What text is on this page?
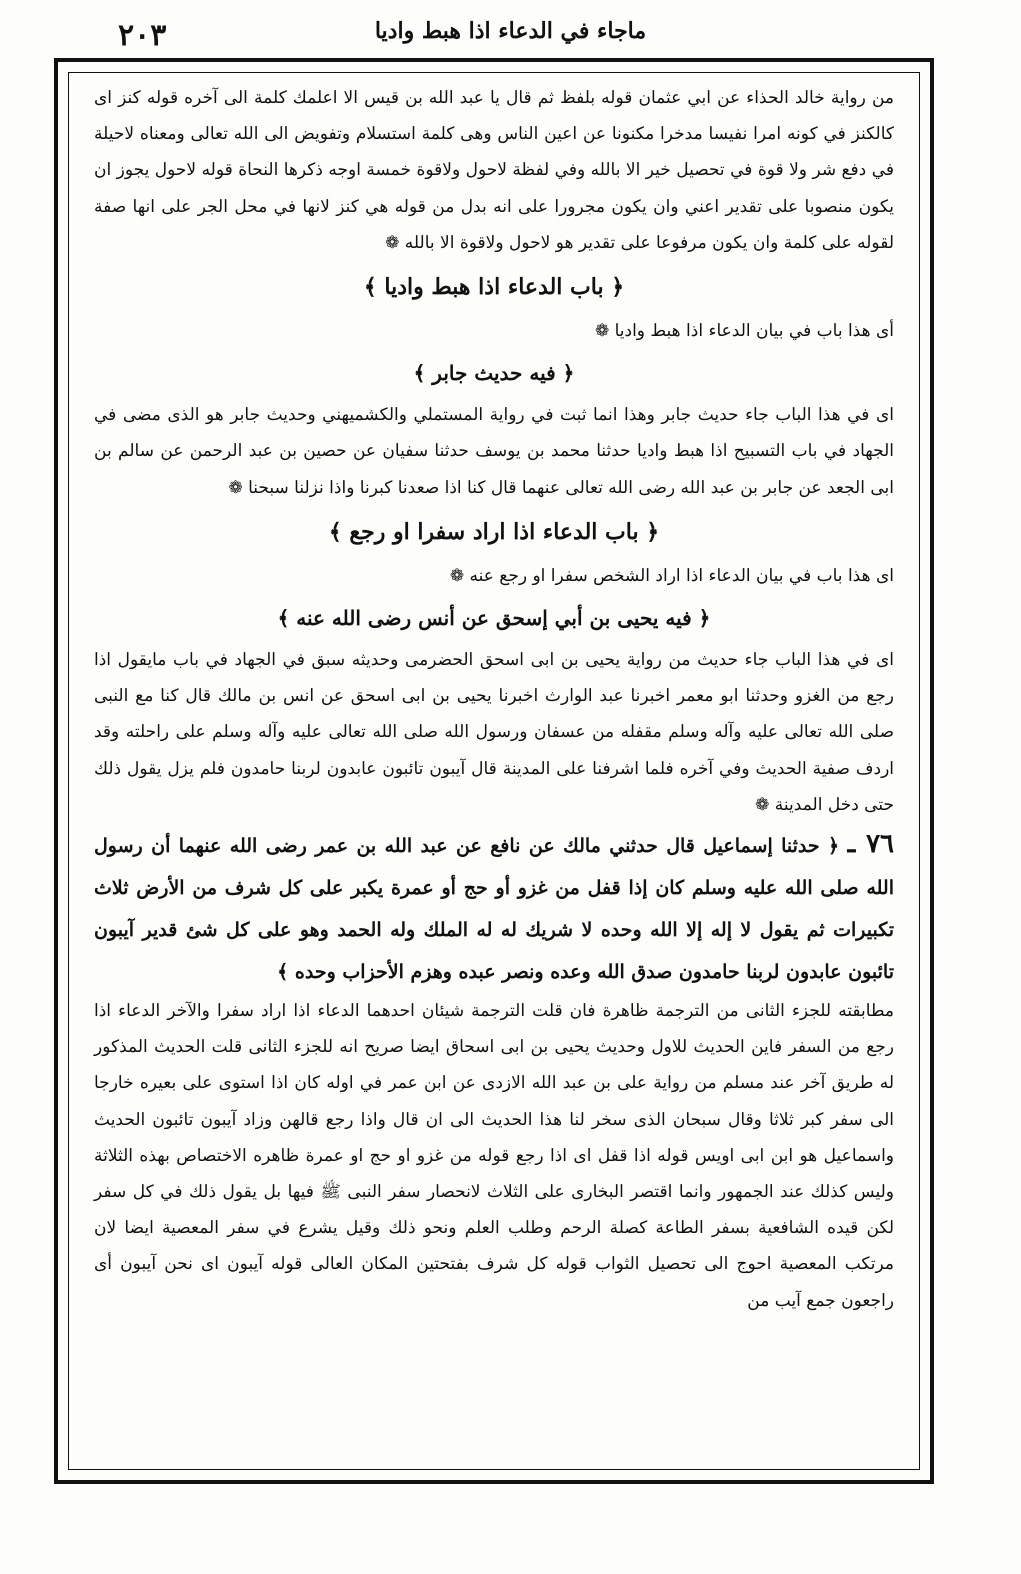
٢٠٣	ماجاء في الدعاء اذا هبط واديا

من رواية خالد الحذاء عن ابي عثمان قوله بلفظ ثم قال يا عبد الله بن قيس الا اعلمك كلمة الى آخره قوله كنز اى كالكنز في كونه امرا نفيسا مدخرا مكنونا عن اعين الناس وهى كلمة استسلام وتفويض الى الله تعالى ومعناه لاحيلة في دفع شر ولا قوة في تحصيل خير الا بالله وفي لفظة لاحول ولاقوة خمسة اوجه ذكرها النحاة قوله لاحول يجوز ان يكون منصوبا على تقدير اعني وان يكون مجرورا على انه بدل من قوله هي كنز لانها في محل الجر على انها صفة لقوله على كلمة وان يكون مرفوعا على تقدير هو لاحول ولاقوة الا بالله ❁

﴿ باب الدعاء اذا هبط واديا ﴾

أى هذا باب في بيان الدعاء اذا هبط واديا ❁

﴿ فيه حديث جابر ﴾

اى في هذا الباب جاء حديث جابر وهذا انما ثبت في رواية المستملي والكشميهني وحديث جابر هو الذى مضى في الجهاد في باب التسبيح اذا هبط واديا حدثنا محمد بن يوسف حدثنا سفيان عن حصين بن عبد الرحمن عن سالم بن ابى الجعد عن جابر بن عبد الله رضى الله تعالى عنهما قال كنا اذا صعدنا كبرنا واذا نزلنا سبحنا ❁

﴿ باب الدعاء اذا اراد سفرا او رجع ﴾

اى هذا باب في بيان الدعاء اذا اراد الشخص سفرا او رجع عنه ❁

﴿ فيه يحيى بن أبي إسحق عن أنس رضى الله عنه ﴾

اى في هذا الباب جاء حديث من رواية يحيى بن ابى اسحق الحضرمى وحديثه سبق في الجهاد في باب مايقول اذا رجع من الغزو وحدثنا ابو معمر اخبرنا عبد الوارث اخبرنا يحيى بن ابى اسحق عن انس بن مالك قال كنا مع النبى صلى الله تعالى عليه وآله وسلم مقفله من عسفان ورسول الله صلى الله تعالى عليه وآله وسلم على راحلته وقد اردف صفية الحديث وفي آخره فلما اشرفنا على المدينة قال آيبون تائبون عابدون لربنا حامدون فلم يزل يقول ذلك حتى دخل المدينة ❁

٧٦ ـ ﴿ حدثنا إسماعيل قال حدثني مالك عن نافع عن عبد الله بن عمر رضى الله عنهما أن رسول الله صلى الله عليه وسلم كان إذا قفل من غزو أو حج أو عمرة يكبر على كل شرف من الأرض ثلاث تكبيرات ثم يقول لا إله إلا الله وحده لا شريك له له الملك وله الحمد وهو على كل شئ قدير آيبون تائبون عابدون لربنا حامدون صدق الله وعده ونصر عبده وهزم الأحزاب وحده ﴾

مطابقته للجزء الثانى من الترجمة ظاهرة فان قلت الترجمة شيئان احدهما الدعاء اذا اراد سفرا والآخر الدعاء اذا رجع من السفر فاين الحديث للاول وحديث يحيى بن ابى اسحاق ايضا صريح انه للجزء الثانى قلت الحديث المذكور له طريق آخر عند مسلم من رواية على بن عبد الله الازدى عن ابن عمر في اوله كان اذا استوى على بعيره خارجا الى سفر كبر ثلاثا وقال سبحان الذى سخر لنا هذا الحديث الى ان قال واذا رجع قالهن وزاد آيبون تائبون الحديث واسماعيل هو ابن ابى اويس قوله اذا قفل اى اذا رجع قوله من غزو او حج او عمرة ظاهره الاختصاص بهذه الثلاثة وليس كذلك عند الجمهور وانما اقتصر البخارى على الثلاث لانحصار سفر النبى ﷺ فيها بل يقول ذلك في كل سفر لكن قيده الشافعية بسفر الطاعة كصلة الرحم وطلب العلم ونحو ذلك وقيل يشرع في سفر المعصية ايضا لان مرتكب المعصية احوج الى تحصيل الثواب قوله كل شرف بفتحتين المكان العالى قوله آيبون اى نحن آيبون أى راجعون جمع آيب من
